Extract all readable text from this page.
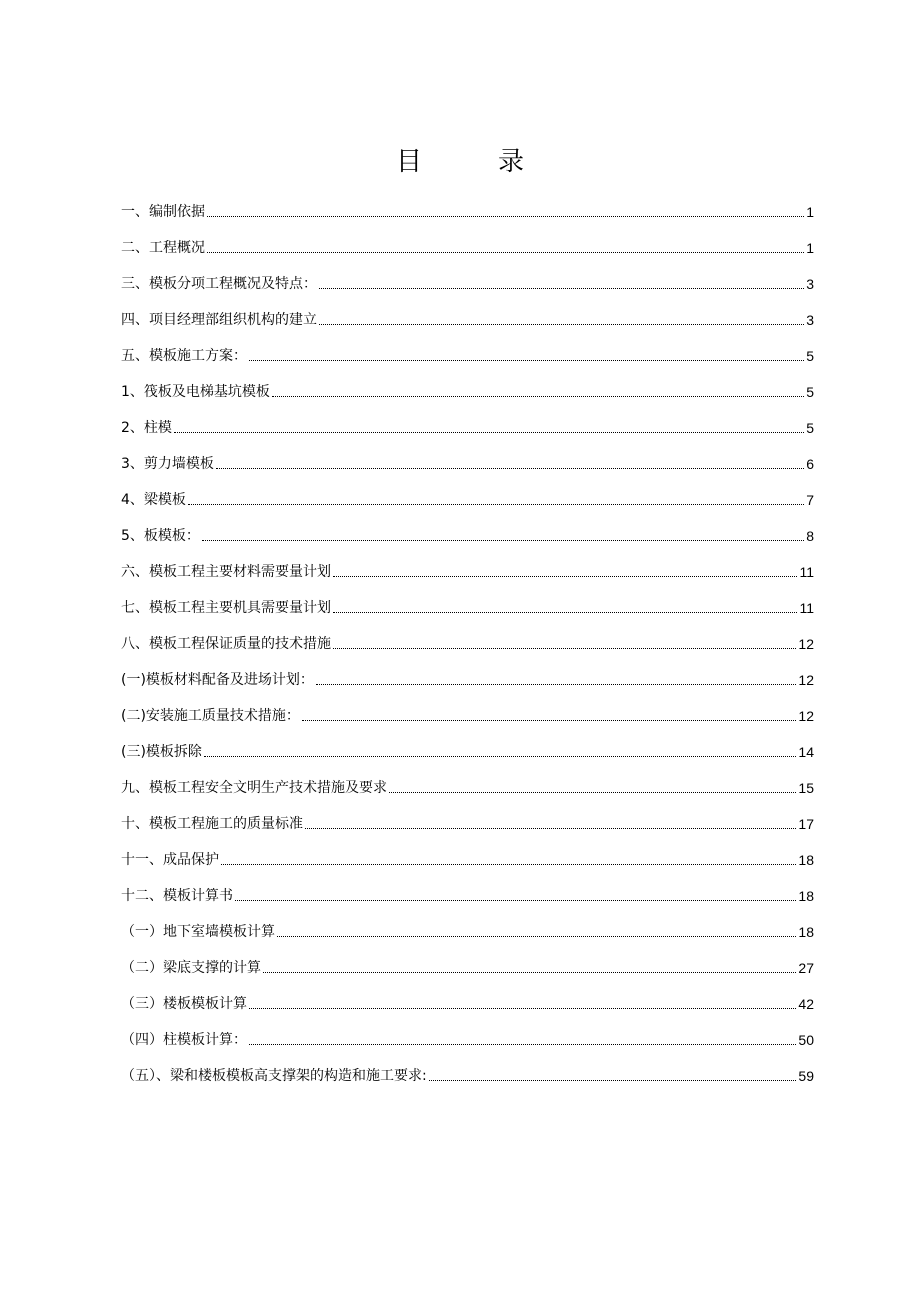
目	录
一、编制依据	1
二、工程概况	1
三、模板分项工程概况及特点：	3
四、项目经理部组织机构的建立	3
五、模板施工方案：	5
1、筏板及电梯基坑模板	5
2、柱模	5
3、剪力墙模板	6
4、梁模板	7
5、板模板：	8
六、模板工程主要材料需要量计划	11
七、模板工程主要机具需要量计划	11
八、模板工程保证质量的技术措施	12
(一)模板材料配备及进场计划：	12
(二)安装施工质量技术措施：	12
(三)模板拆除	14
九、模板工程安全文明生产技术措施及要求	15
十、模板工程施工的质量标准	17
十一、成品保护	18
十二、模板计算书	18
（一）地下室墙模板计算	18
（二）梁底支撑的计算	27
（三）楼板模板计算	42
（四）柱模板计算：	50
（五）、梁和楼板模板高支撑架的构造和施工要求:	59
